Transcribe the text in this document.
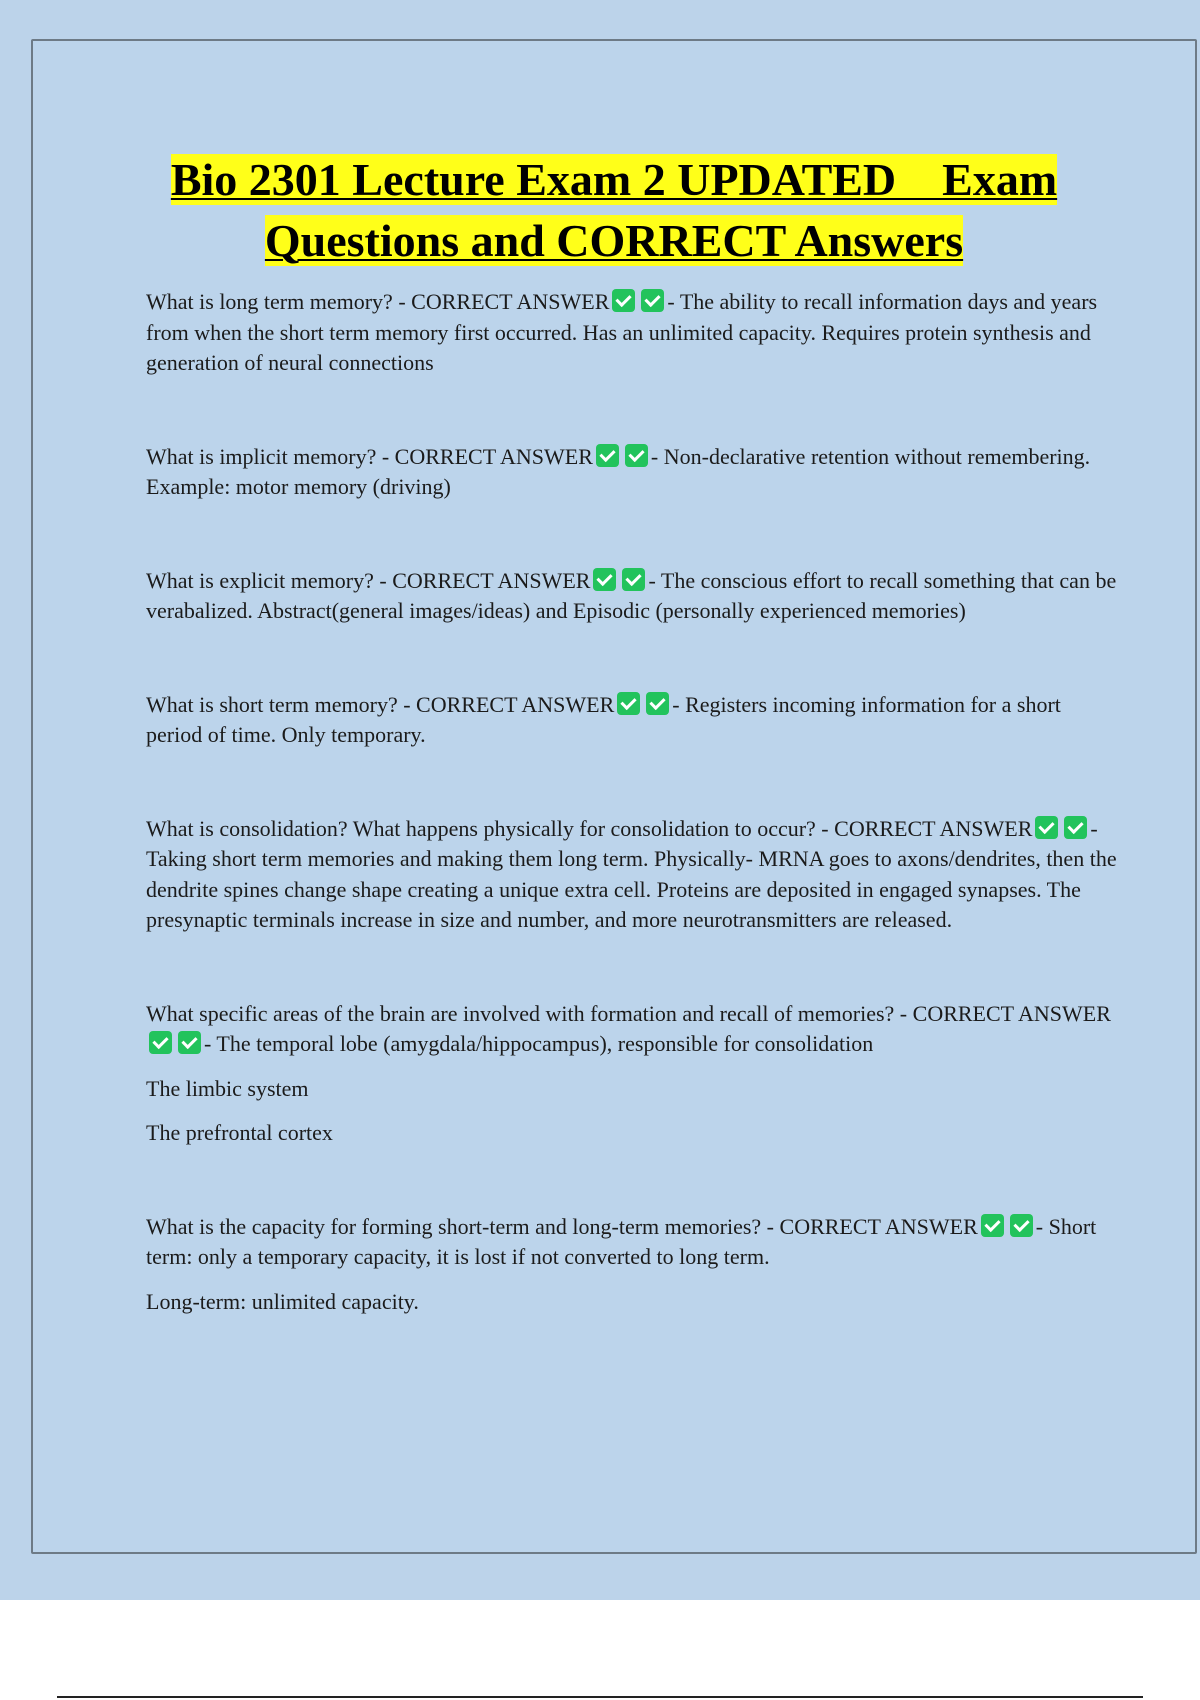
Bio 2301 Lecture Exam 2 UPDATED    Exam
Questions and CORRECT Answers

What is long term memory? - CORRECT ANSWER	- The ability to recall information days and years from when the short term memory first occurred. Has an unlimited capacity. Requires protein synthesis and generation of neural connections

What is implicit memory? - CORRECT ANSWER	- Non-declarative retention without remembering. Example: motor memory (driving)

What is explicit memory? - CORRECT ANSWER	- The conscious effort to recall something that can be verabalized. Abstract(general images/ideas) and Episodic (personally experienced memories)

What is short term memory? - CORRECT ANSWER	- Registers incoming information for a short period of time. Only temporary.

What is consolidation? What happens physically for consolidation to occur? - CORRECT ANSWER	- Taking short term memories and making them long term. Physically- MRNA goes to axons/dendrites, then the dendrite spines change shape creating a unique extra cell. Proteins are deposited in engaged synapses. The presynaptic terminals increase in size and number, and more neurotransmitters are released.

What specific areas of the brain are involved with formation and recall of memories? - CORRECT ANSWER- The temporal lobe (amygdala/hippocampus), responsible for consolidation

The limbic system

The prefrontal cortex

What is the capacity for forming short-term and long-term memories? - CORRECT ANSWER	- Short term: only a temporary capacity, it is lost if not converted to long term.

Long-term: unlimited capacity.
